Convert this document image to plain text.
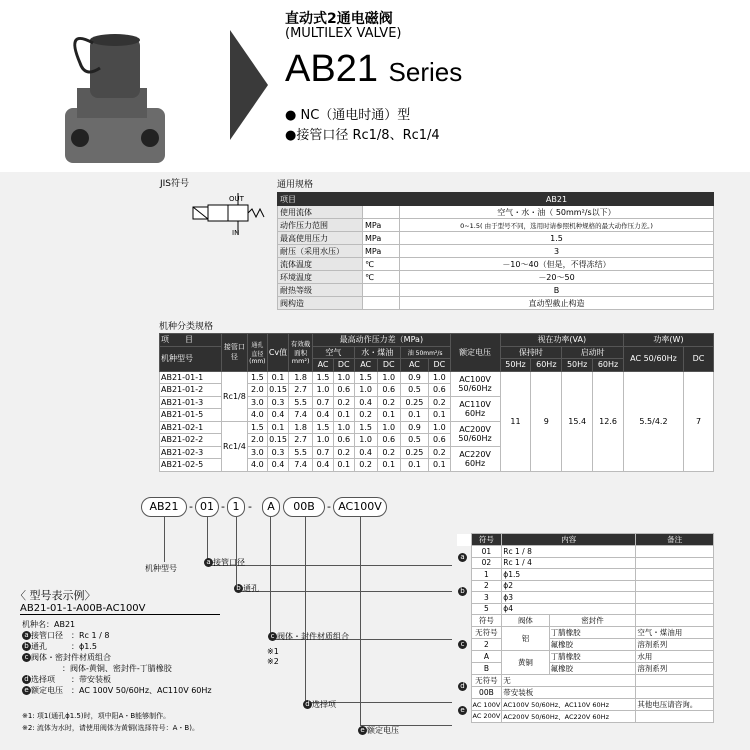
直动式2通电磁阀
(MULTILEX VALVE)
AB21 Series
● NC（通电时通）型
●接管口径 Rc1/8、Rc1/4
JIS符号
OUT
IN
通用规格
项目		AB21
使用流体		空气・水・油（ 50mm²/s以下）
动作压力范围	MPa	0~1.5( 由于型号不同，选用时请参照机种规格的最大动作压力差。)
最高使用压力	MPa	1.5
耐压（采用水压）	MPa	3
流体温度	℃	－10～40（但是，不得冻结）
环境温度	℃	－20～50
耐热等级		B
阀构造		直动型截止构造
机种分类规格
项　　目	接管口径	通孔直径(mm)	Cv值	有效截面积mm²)	最高动作压力差（MPa)						额定电压	视在功率(VA)				功率(W)	
机种型号					空气		水・煤油		油 50mm²/s			保持时		启动时		AC 50/60Hz	DC
					AC	DC	AC	DC	AC	DC		50Hz	60Hz	50Hz	60Hz		
AB21-01-1	Rc1/8	1.5	0.1	1.8	1.5	1.0	1.5	1.0	0.9	1.0	AC100V 50/60Hz	11	9	15.4	12.6	5.5/4.2	7
AB21-01-2		2.0	0.15	2.7	1.0	0.6	1.0	0.6	0.5	0.6							
AB21-01-3		3.0	0.3	5.5	0.7	0.2	0.4	0.2	0.25	0.2	AC110V 60Hz						
AB21-01-5		4.0	0.4	7.4	0.4	0.1	0.2	0.1	0.1	0.1							
AB21-02-1	Rc1/4	1.5	0.1	1.8	1.5	1.0	1.5	1.0	0.9	1.0	AC200V 50/60Hz						
AB21-02-2		2.0	0.15	2.7	1.0	0.6	1.0	0.6	0.5	0.6							
AB21-02-3		3.0	0.3	5.5	0.7	0.2	0.4	0.2	0.25	0.2	AC220V 60Hz						
AB21-02-5		4.0	0.4	7.4	0.4	0.1	0.2	0.1	0.1	0.1							
AB21 - 01 - 1 -	A	00B	- AC100V
机种型号
a 接管口径
b 通孔
c 阀体・封件材质组合
※1
※2
d 选择项
e 额定电压
〈 型号表示例〉
AB21-01-1-A00B-AC100V
机种名：AB21
a 接管口径　：Rc 1 / 8
b 通孔　　　：ϕ1.5
c 阀体・密封件材质组合
　　　　　：阀体-黄铜、密封件-丁腈橡胶
d 选择项　　：带安装板
e 额定电压　：AC 100V 50/60Hz、AC110V 60Hz
※1: 项1(通孔ϕ1.5)时，项中阳A・B能够制作。
※2: 流体为水时，请使用阀体为黄铜(选择符号：A・B)。
	符号	内容		备注
a	01	Rc 1 / 8		
	02	Rc 1 / 4		
b	1	ϕ1.5		
	2	ϕ2		
	3	ϕ3		
	5	ϕ4		
c	符号	阀体	密封件	
	无符号	铝	丁腈橡胶	空气・煤油用
	2		氟橡胶	溶剂系列
	A	黄铜	丁腈橡胶	水用
	B		氟橡胶	溶剂系列
d	无符号	无		
	00B	带安装板		
e	AC 100V	AC100V 50/60Hz、AC110V 60Hz		其他电压请咨询。
	AC 200V	AC200V 50/60Hz、AC220V 60Hz		
